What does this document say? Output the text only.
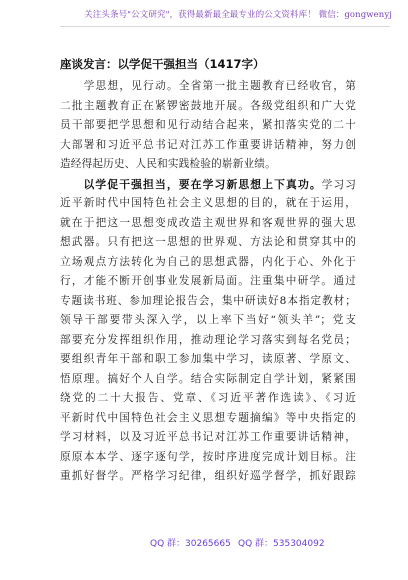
关注头条号"公文研究"，获得最新最全最专业的公文资料库！ 微信：gongwenyj
座谈发言：以学促干强担当（1417字）
　　学思想，见行动。全省第一批主题教育已经收官，第
二批主题教育正在紧锣密鼓地开展。各级党组织和广大党
员干部要把学思想和见行动结合起来，紧扣落实党的二十
大部署和习近平总书记对江苏工作重要讲话精神，努力创
造经得起历史、人民和实践检验的崭新业绩。
　　以学促干强担当，要在学习新思想上下真功。学习习
近平新时代中国特色社会主义思想的目的，就在于运用，
就在于把这一思想变成改造主观世界和客观世界的强大思
想武器。只有把这一思想的世界观、方法论和贯穿其中的
立场观点方法转化为自己的思想武器，内化于心、外化于
行，才能不断开创事业发展新局面。注重集中研学。通过
专题读书班、参加理论报告会，集中研读好8本指定教材；
领导干部要带头深入学，以上率下当好“领头羊”；党支
部要充分发挥组织作用，推动理论学习落实到每名党员；
要组织青年干部和职工参加集中学习，读原著、学原文、
悟原理。搞好个人自学。结合实际制定自学计划，紧紧围
绕党的二十大报告、党章、《习近平著作选读》、《习近
平新时代中国特色社会主义思想专题摘编》等中央指定的
学习材料，以及习近平总书记对江苏工作重要讲话精神，
原原本本学、逐字逐句学，按时序进度完成计划目标。注
重抓好督学。严格学习纪律，组织好巡学督学，抓好跟踪
QQ 群：30265665 QQ 群：535304092
